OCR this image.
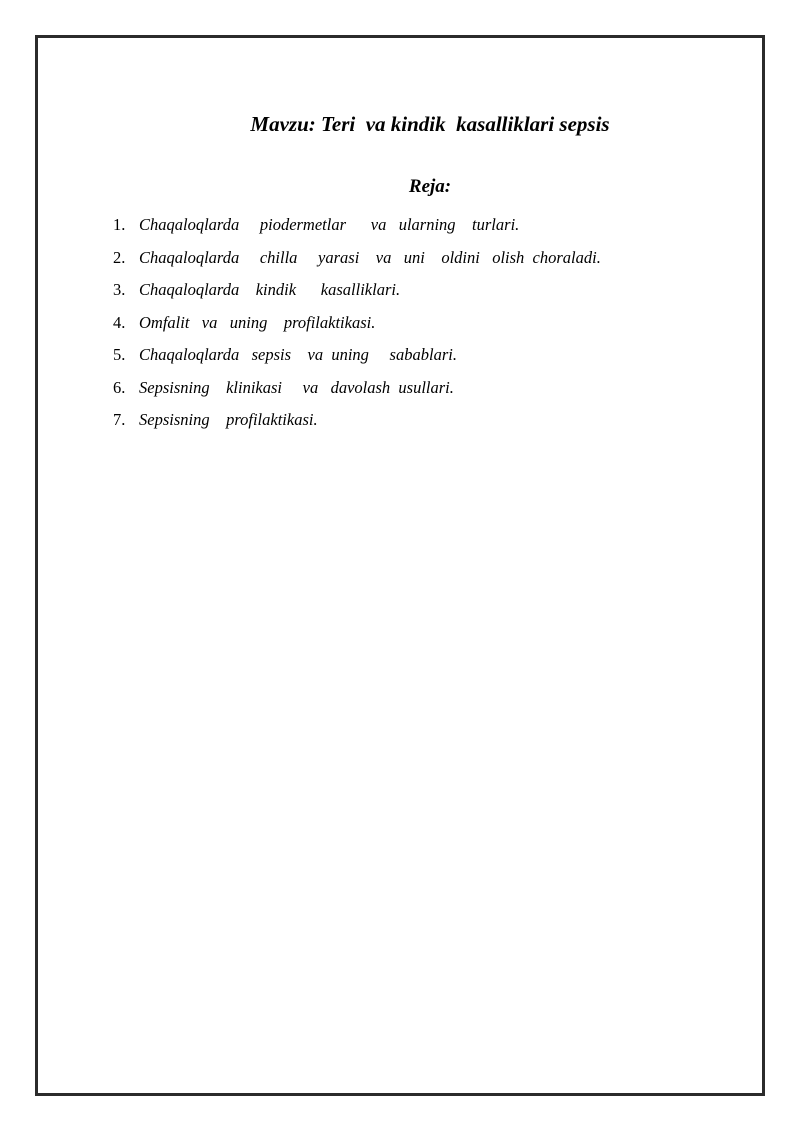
Mavzu: Teri  va kindik  kasalliklari sepsis
Reja:
1. Chaqaloqlarda     piodermetlar      va   ularning    turlari.
2. Chaqaloqlarda     chilla     yarasi    va   uni    oldini   olish  choraladi.
3. Chaqaloqlarda    kindik      kasalliklari.
4. Omfalit   va   uning    profilaktikasi.
5. Chaqaloqlarda   sepsis    va  uning     sabablari.
6. Sepsisning    klinikasi     va   davolash  usullari.
7. Sepsisning    profilaktikasi.
